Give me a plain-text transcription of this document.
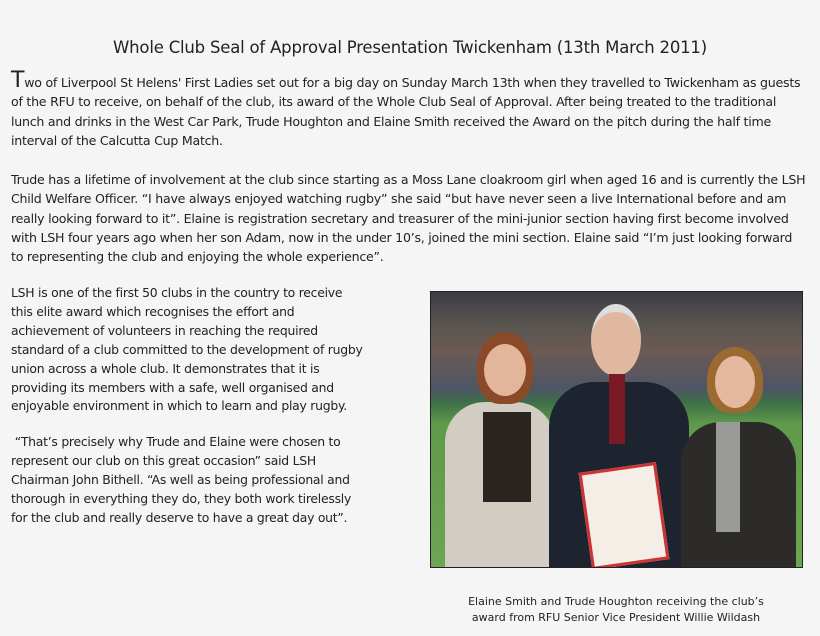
Whole Club Seal of Approval Presentation Twickenham (13th March 2011)
Two of Liverpool St Helens' First Ladies set out for a big day on Sunday March 13th when they travelled to Twickenham as guests
of the RFU to receive, on behalf of the club, its award of the Whole Club Seal of Approval. After being treated to the traditional
lunch and drinks in the West Car Park, Trude Houghton and Elaine Smith received the Award on the pitch during the half time
interval of the Calcutta Cup Match.
Trude has a lifetime of involvement at the club since starting as a Moss Lane cloakroom girl when aged 16 and is currently the LSH
Child Welfare Officer. “I have always enjoyed watching rugby” she said “but have never seen a live International before and am
really looking forward to it”. Elaine is registration secretary and treasurer of the mini-junior section having first become involved
with LSH four years ago when her son Adam, now in the under 10’s, joined the mini section. Elaine said “I’m just looking forward
to representing the club and enjoying the whole experience”.
LSH is one of the first 50 clubs in the country to receive
this elite award which recognises the effort and
achievement of volunteers in reaching the required
standard of a club committed to the development of rugby
union across a whole club. It demonstrates that it is
providing its members with a safe, well organised and
enjoyable environment in which to learn and play rugby.
“That’s precisely why Trude and Elaine were chosen to
represent our club on this great occasion” said LSH
Chairman John Bithell. “As well as being professional and
thorough in everything they do, they both work tirelessly
for the club and really deserve to have a great day out”.
Elaine Smith and Trude Houghton receiving the club’s
award from RFU Senior Vice President Willie Wildash
